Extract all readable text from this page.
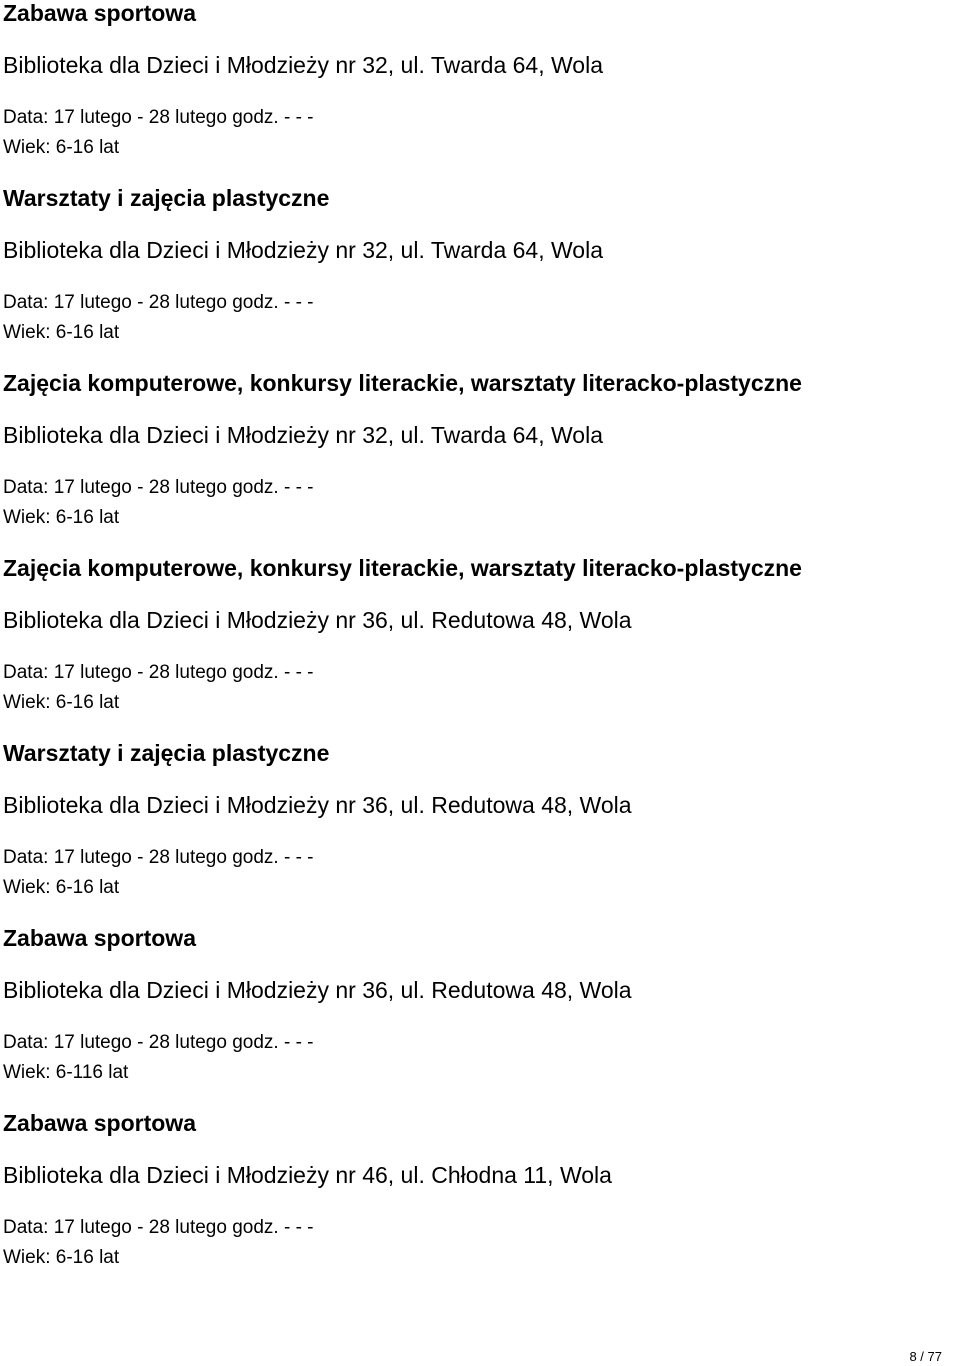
Zabawa sportowa
Biblioteka dla Dzieci i Młodzieży nr 32, ul. Twarda 64, Wola
Data: 17 lutego - 28 lutego godz. - - -
Wiek: 6-16 lat
Warsztaty i zajęcia plastyczne
Biblioteka dla Dzieci i Młodzieży nr 32, ul. Twarda 64, Wola
Data: 17 lutego - 28 lutego godz. - - -
Wiek: 6-16 lat
Zajęcia komputerowe, konkursy literackie, warsztaty literacko-plastyczne
Biblioteka dla Dzieci i Młodzieży nr 32, ul. Twarda 64, Wola
Data: 17 lutego - 28 lutego godz. - - -
Wiek: 6-16 lat
Zajęcia komputerowe, konkursy literackie, warsztaty literacko-plastyczne
Biblioteka dla Dzieci i Młodzieży nr 36, ul. Redutowa 48, Wola
Data: 17 lutego - 28 lutego godz. - - -
Wiek: 6-16 lat
Warsztaty i zajęcia plastyczne
Biblioteka dla Dzieci i Młodzieży nr 36, ul. Redutowa 48, Wola
Data: 17 lutego - 28 lutego godz. - - -
Wiek: 6-16 lat
Zabawa sportowa
Biblioteka dla Dzieci i Młodzieży nr 36, ul. Redutowa 48, Wola
Data: 17 lutego - 28 lutego godz. - - -
Wiek: 6-116 lat
Zabawa sportowa
Biblioteka dla Dzieci i Młodzieży nr 46, ul. Chłodna 11, Wola
Data: 17 lutego - 28 lutego godz. - - -
Wiek: 6-16 lat
8 / 77
